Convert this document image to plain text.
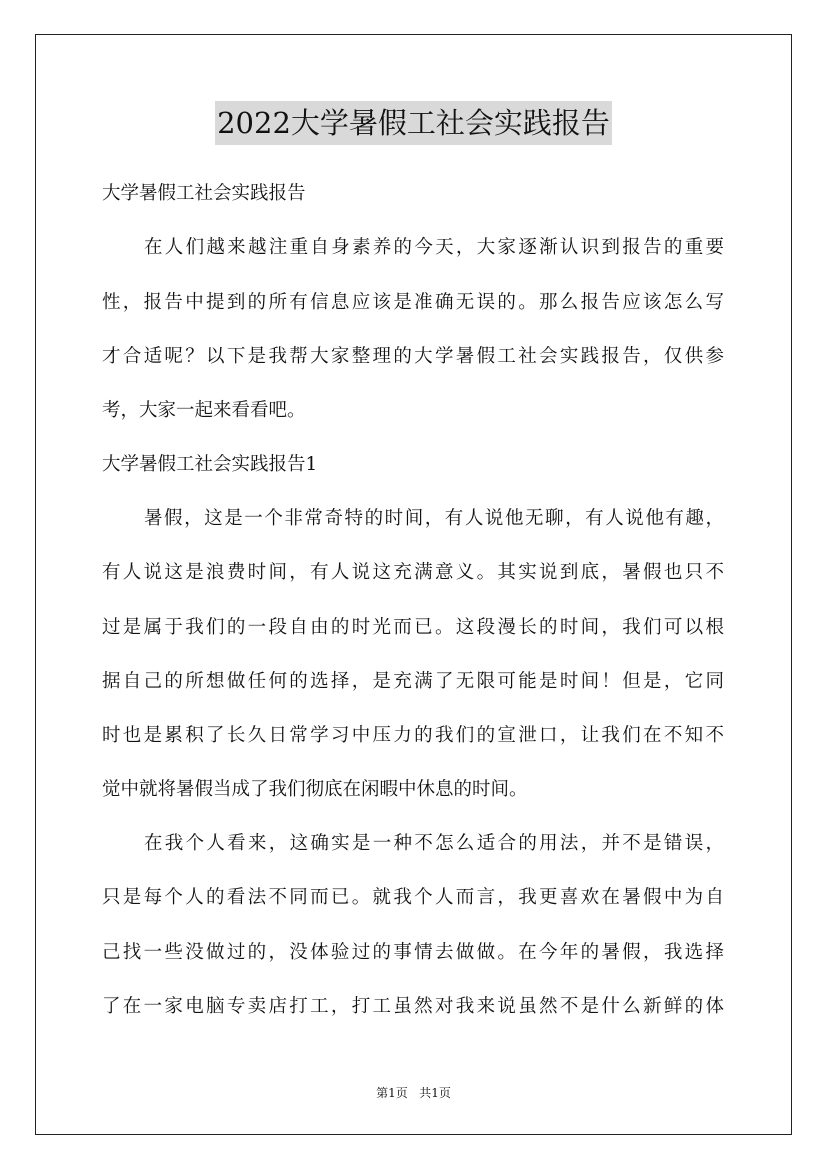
2022大学暑假工社会实践报告
大学暑假工社会实践报告
在人们越来越注重自身素养的今天，大家逐渐认识到报告的重要
性，报告中提到的所有信息应该是准确无误的。那么报告应该怎么写
才合适呢？以下是我帮大家整理的大学暑假工社会实践报告，仅供参
考，大家一起来看看吧。
大学暑假工社会实践报告1
暑假，这是一个非常奇特的时间，有人说他无聊，有人说他有趣，
有人说这是浪费时间，有人说这充满意义。其实说到底，暑假也只不
过是属于我们的一段自由的时光而已。这段漫长的时间，我们可以根
据自己的所想做任何的选择，是充满了无限可能是时间！但是，它同
时也是累积了长久日常学习中压力的我们的宣泄口，让我们在不知不
觉中就将暑假当成了我们彻底在闲暇中休息的时间。
在我个人看来，这确实是一种不怎么适合的用法，并不是错误，
只是每个人的看法不同而已。就我个人而言，我更喜欢在暑假中为自
己找一些没做过的，没体验过的事情去做做。在今年的暑假，我选择
了在一家电脑专卖店打工，打工虽然对我来说虽然不是什么新鲜的体
第1页   共1页
